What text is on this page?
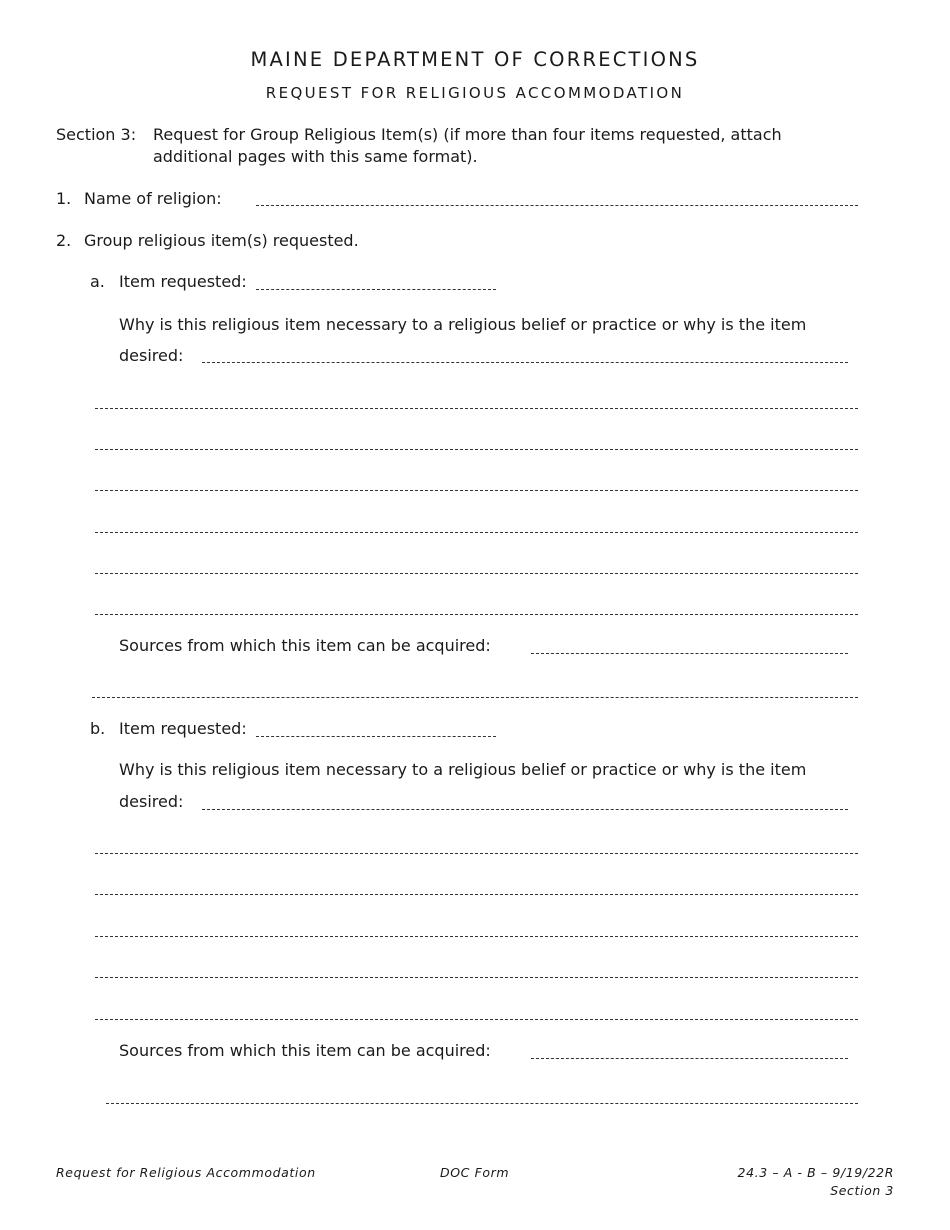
MAINE DEPARTMENT OF CORRECTIONS
REQUEST FOR RELIGIOUS ACCOMMODATION
Section 3: Request for Group Religious Item(s) (if more than four items requested, attach
additional pages with this same format).
1. Name of religion:
2. Group religious item(s) requested.
a. Item requested:
Why is this religious item necessary to a religious belief or practice or why is the item
desired:
Sources from which this item can be acquired:
b. Item requested:
Why is this religious item necessary to a religious belief or practice or why is the item
desired:
Sources from which this item can be acquired:
Request for Religious Accommodation	DOC Form	24.3 – A - B – 9/19/22R
Section 3
